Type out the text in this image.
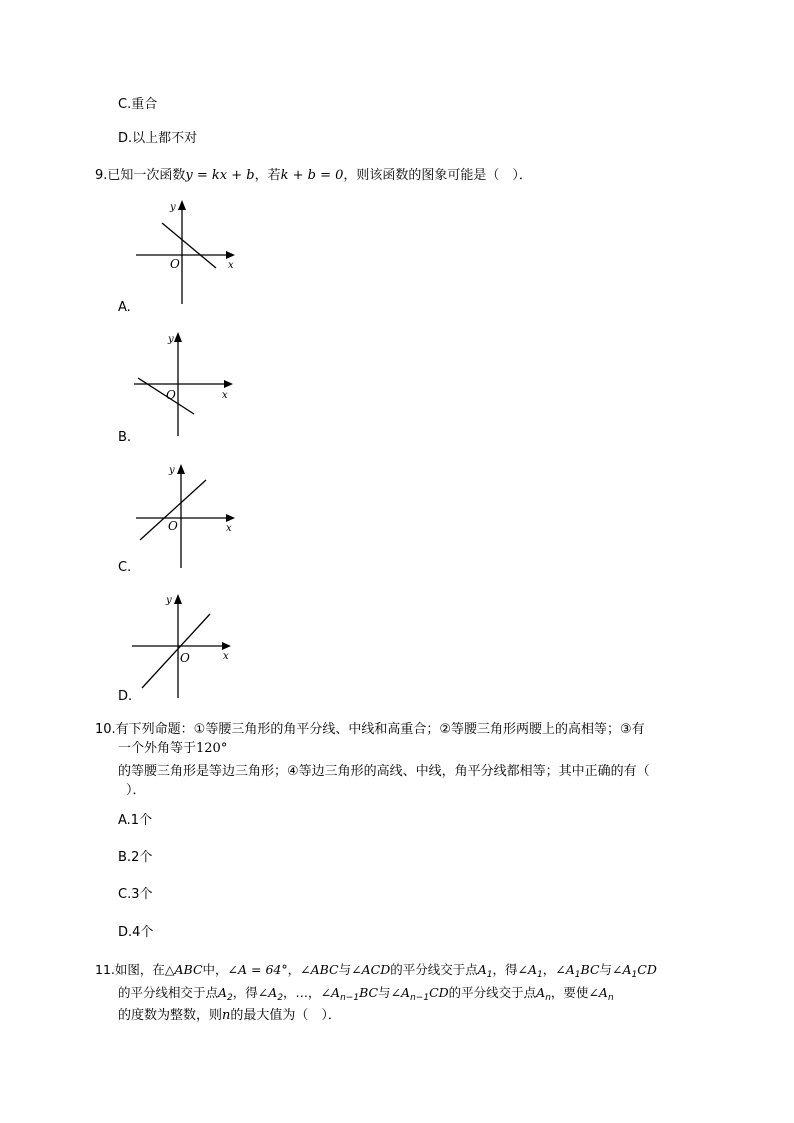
C.重合
D.以上都不对
9.已知一次函数y = kx + b，若k + b = 0，则该函数的图象可能是（　）．
y
x
O
A.
y
x
O
B.
y
x
O
C.
y
x
O
D.
10.有下列命题：①等腰三角形的角平分线、中线和高重合；②等腰三角形两腰上的高相等；③有
一个外角等于120°
的等腰三角形是等边三角形；④等边三角形的高线、中线，角平分线都相等；其中正确的有（
）．
A.1个
B.2个
C.3个
D.4个
11.如图，在△ABC中，∠A = 64°，∠ABC与∠ACD的平分线交于点$A_1$，得$\angle A_1$，$\angle A_1BC$与$\angle A_1CD$
的平分线相交于点$A_2$，得$\angle A_2$，…，$\angle A_{n-1}BC$与$\angle A_{n-1}CD$的平分线交于点$A_n$，要使$\angle A_n$
的度数为整数，则n的最大值为（　）．
